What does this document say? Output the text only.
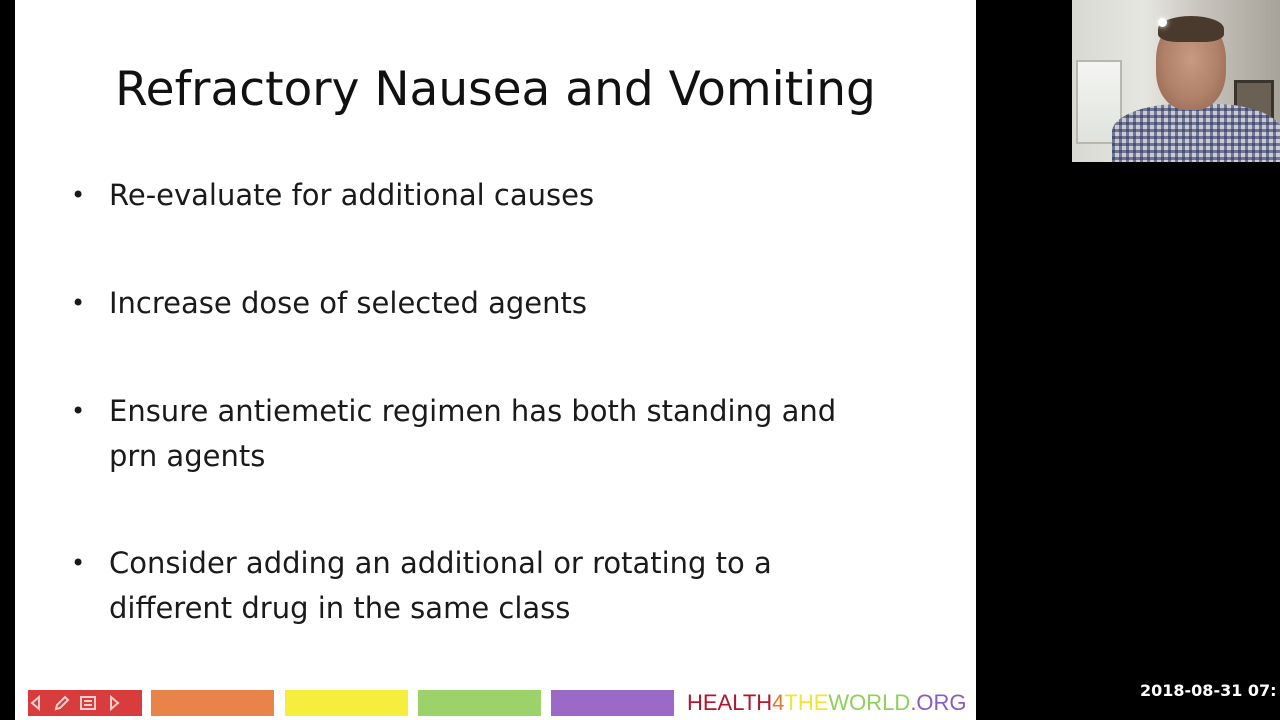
Refractory Nausea and Vomiting
• Re-evaluate for additional causes
• Increase dose of selected agents
• Ensure antiemetic regimen has both standing and prn agents
• Consider adding an additional or rotating to a different drug in the same class
HEALTH4THEWORLD.ORG	2018-08-31 07:
